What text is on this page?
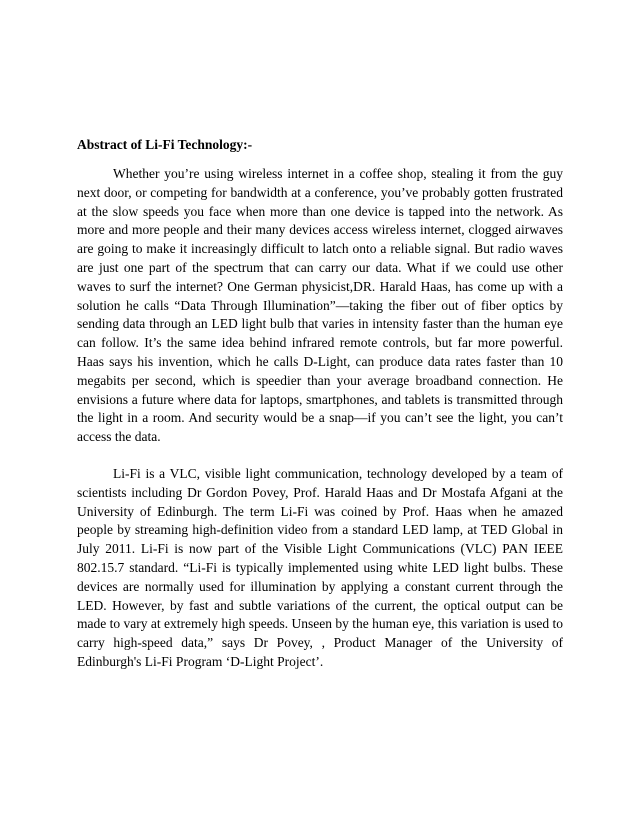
Abstract of Li-Fi Technology:-

Whether you’re using wireless internet in a coffee shop, stealing it from the guy next door, or competing for bandwidth at a conference, you’ve probably gotten frustrated at the slow speeds you face when more than one device is tapped into the network. As more and more people and their many devices access wireless internet, clogged airwaves are going to make it increasingly difficult to latch onto a reliable signal. But radio waves are just one part of the spectrum that can carry our data. What if we could use other waves to surf the internet? One German physicist,DR. Harald Haas, has come up with a solution he calls “Data Through Illumination”—taking the fiber out of fiber optics by sending data through an LED light bulb that varies in intensity faster than the human eye can follow. It’s the same idea behind infrared remote controls, but far more powerful. Haas says his invention, which he calls D-Light, can produce data rates faster than 10 megabits per second, which is speedier than your average broadband connection. He envisions a future where data for laptops, smartphones, and tablets is transmitted through the light in a room. And security would be a snap—if you can’t see the light, you can’t access the data.

Li-Fi is a VLC, visible light communication, technology developed by a team of scientists including Dr Gordon Povey, Prof. Harald Haas and Dr Mostafa Afgani at the University of Edinburgh. The term Li-Fi was coined by Prof. Haas when he amazed people by streaming high-definition video from a standard LED lamp, at TED Global in July 2011. Li-Fi is now part of the Visible Light Communications (VLC) PAN IEEE 802.15.7 standard. “Li-Fi is typically implemented using white LED light bulbs. These devices are normally used for illumination by applying a constant current through the LED. However, by fast and subtle variations of the current, the optical output can be made to vary at extremely high speeds. Unseen by the human eye, this variation is used to carry high-speed data,” says Dr Povey, , Product Manager of the University of Edinburgh's Li-Fi Program ‘D-Light Project’.
